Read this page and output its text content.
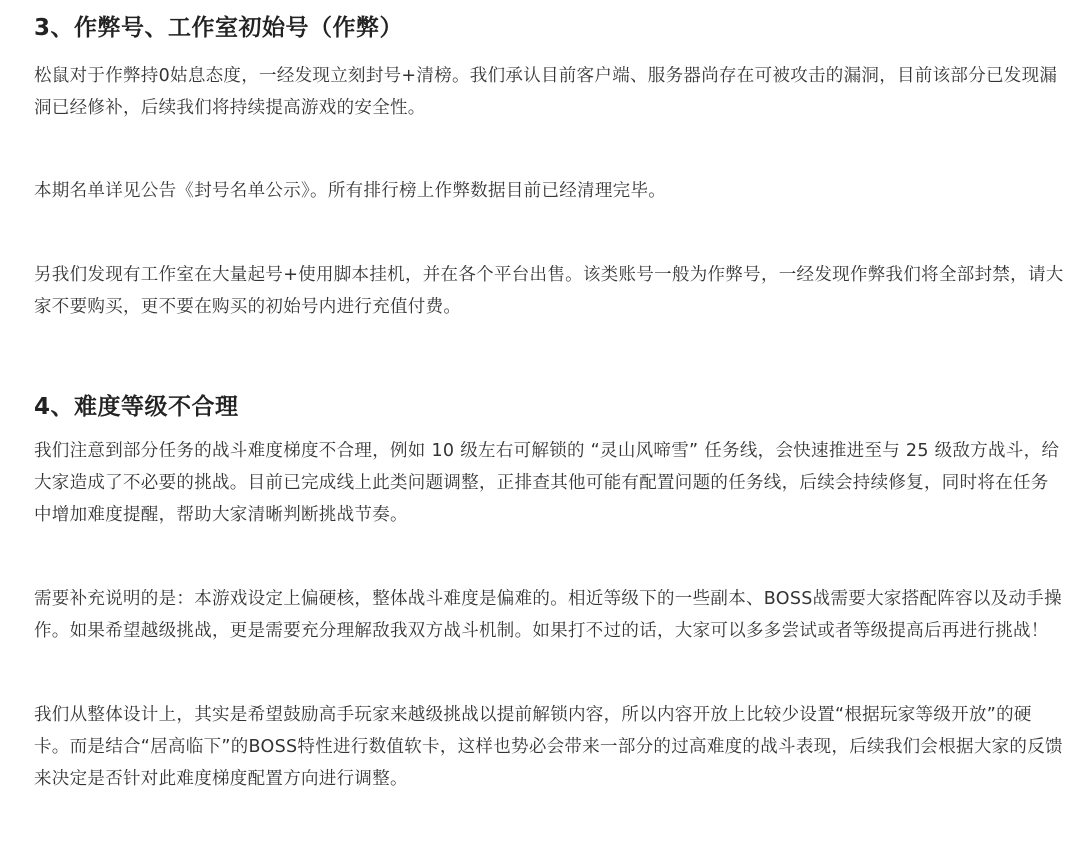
3、作弊号、工作室初始号（作弊）

松鼠对于作弊持0姑息态度，一经发现立刻封号+清榜。我们承认目前客户端、服务器尚存在可被攻击的漏洞，目前该部分已发现漏洞已经修补，后续我们将持续提高游戏的安全性。

本期名单详见公告《封号名单公示》。所有排行榜上作弊数据目前已经清理完毕。

另我们发现有工作室在大量起号+使用脚本挂机，并在各个平台出售。该类账号一般为作弊号，一经发现作弊我们将全部封禁，请大家不要购买，更不要在购买的初始号内进行充值付费。

4、难度等级不合理

我们注意到部分任务的战斗难度梯度不合理，例如 10 级左右可解锁的 “灵山风啼雪” 任务线，会快速推进至与 25 级敌方战斗，给大家造成了不必要的挑战。目前已完成线上此类问题调整，正排查其他可能有配置问题的任务线，后续会持续修复，同时将在任务中增加难度提醒，帮助大家清晰判断挑战节奏。

需要补充说明的是：本游戏设定上偏硬核，整体战斗难度是偏难的。相近等级下的一些副本、BOSS战需要大家搭配阵容以及动手操作。如果希望越级挑战，更是需要充分理解敌我双方战斗机制。如果打不过的话，大家可以多多尝试或者等级提高后再进行挑战！

我们从整体设计上，其实是希望鼓励高手玩家来越级挑战以提前解锁内容，所以内容开放上比较少设置“根据玩家等级开放”的硬卡。而是结合“居高临下”的BOSS特性进行数值软卡，这样也势必会带来一部分的过高难度的战斗表现，后续我们会根据大家的反馈来决定是否针对此难度梯度配置方向进行调整。
